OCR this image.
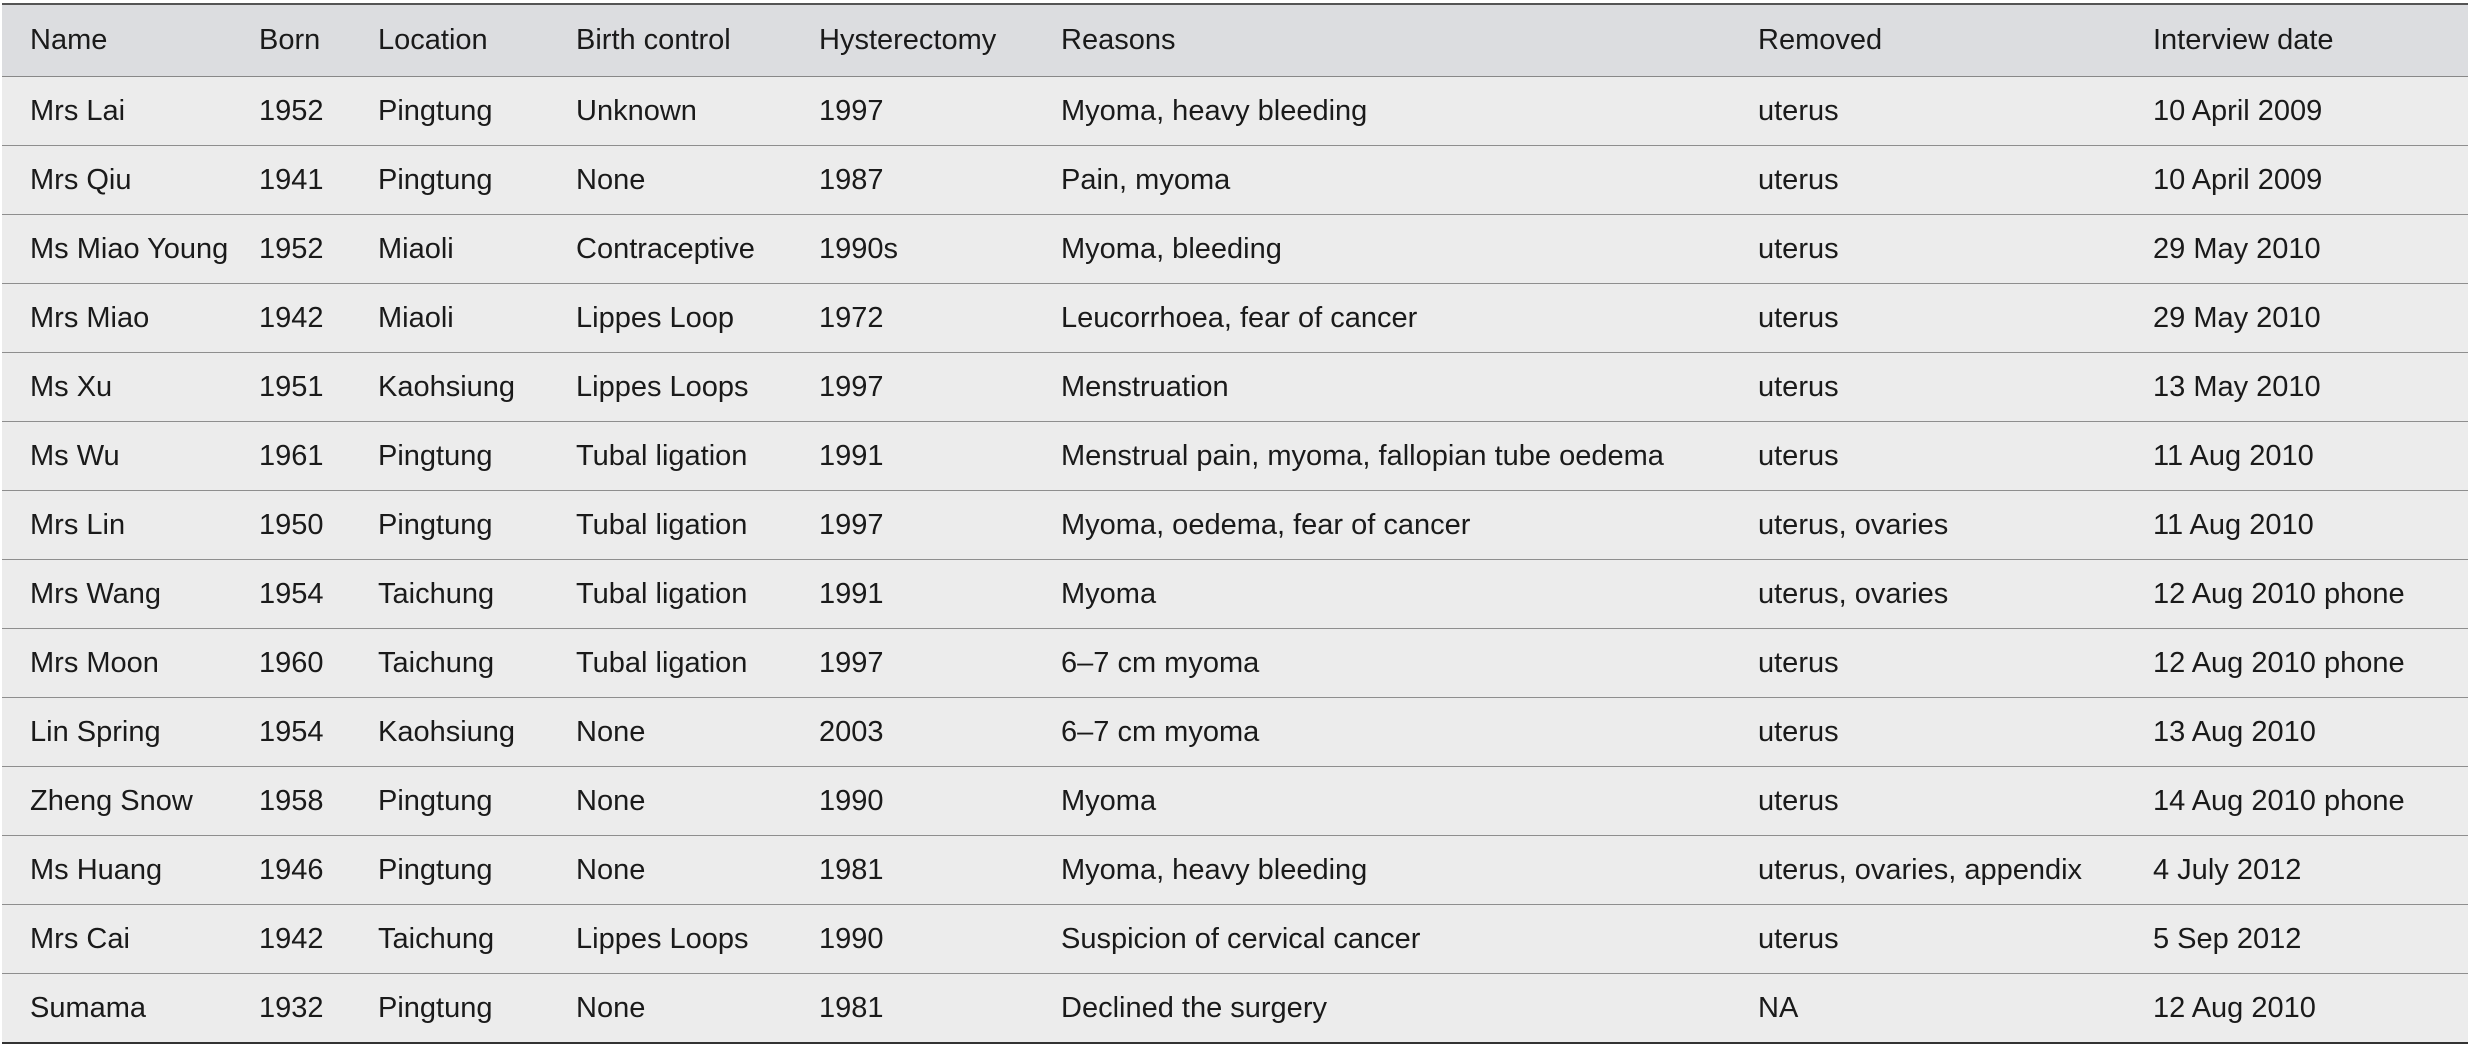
Name	Born	Location	Birth control	Hysterectomy	Reasons	Removed	Interview date
Mrs Lai	1952	Pingtung	Unknown	1997	Myoma, heavy bleeding	uterus	10 April 2009
Mrs Qiu	1941	Pingtung	None	1987	Pain, myoma	uterus	10 April 2009
Ms Miao Young	1952	Miaoli	Contraceptive	1990s	Myoma, bleeding	uterus	29 May 2010
Mrs Miao	1942	Miaoli	Lippes Loop	1972	Leucorrhoea, fear of cancer	uterus	29 May 2010
Ms Xu	1951	Kaohsiung	Lippes Loops	1997	Menstruation	uterus	13 May 2010
Ms Wu	1961	Pingtung	Tubal ligation	1991	Menstrual pain, myoma, fallopian tube oedema	uterus	11 Aug 2010
Mrs Lin	1950	Pingtung	Tubal ligation	1997	Myoma, oedema, fear of cancer	uterus, ovaries	11 Aug 2010
Mrs Wang	1954	Taichung	Tubal ligation	1991	Myoma	uterus, ovaries	12 Aug 2010 phone
Mrs Moon	1960	Taichung	Tubal ligation	1997	6–7 cm myoma	uterus	12 Aug 2010 phone
Lin Spring	1954	Kaohsiung	None	2003	6–7 cm myoma	uterus	13 Aug 2010
Zheng Snow	1958	Pingtung	None	1990	Myoma	uterus	14 Aug 2010 phone
Ms Huang	1946	Pingtung	None	1981	Myoma, heavy bleeding	uterus, ovaries, appendix	4 July 2012
Mrs Cai	1942	Taichung	Lippes Loops	1990	Suspicion of cervical cancer	uterus	5 Sep 2012
Sumama	1932	Pingtung	None	1981	Declined the surgery	NA	12 Aug 2010
